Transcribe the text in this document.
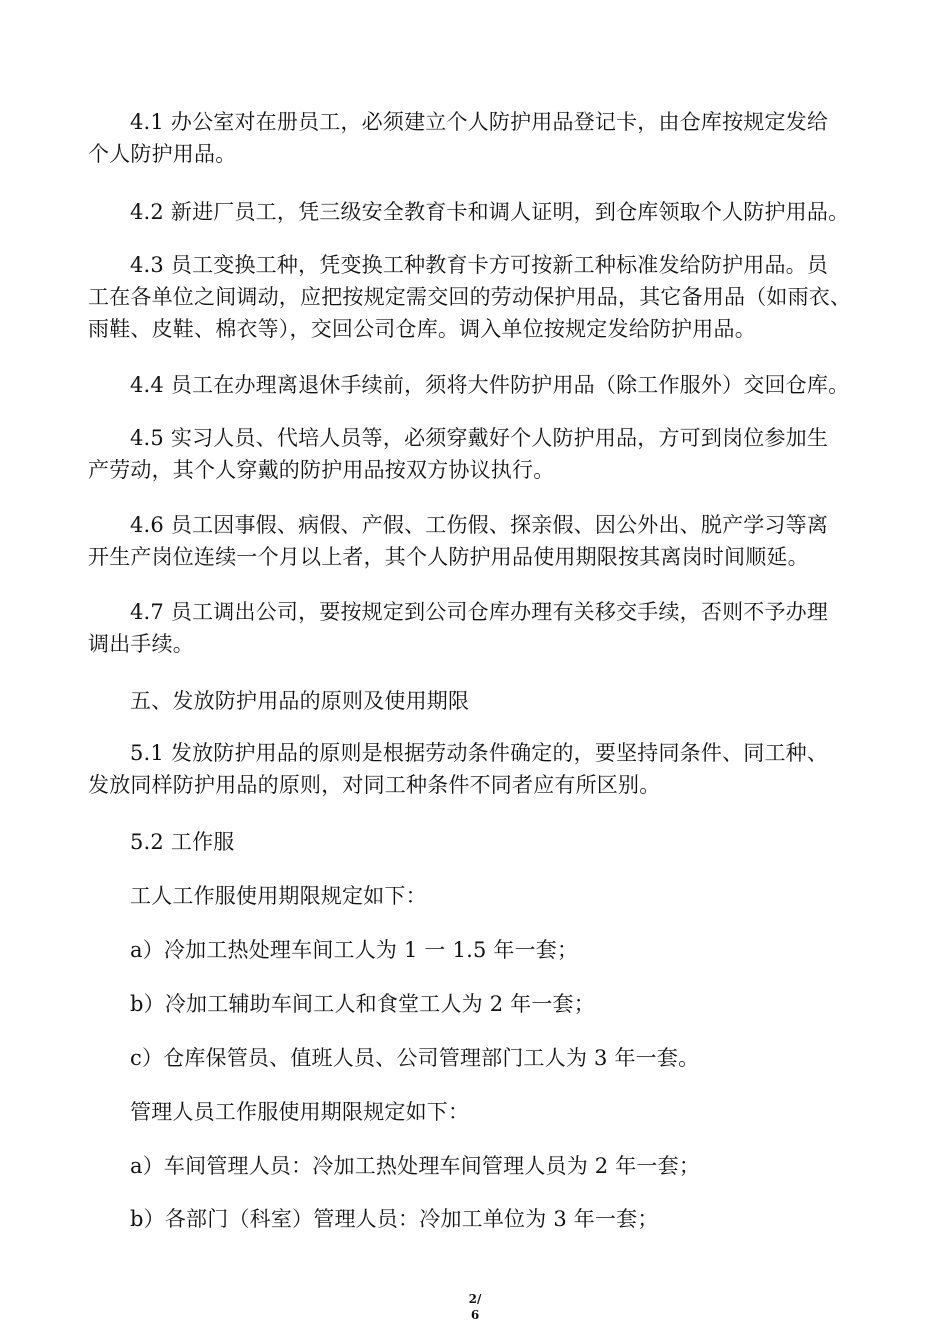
4.1 办公室对在册员工，必须建立个人防护用品登记卡，由仓库按规定发给
个人防护用品。

4.2 新进厂员工，凭三级安全教育卡和调人证明，到仓库领取个人防护用品。

4.3 员工变换工种，凭变换工种教育卡方可按新工种标准发给防护用品。员
工在各单位之间调动，应把按规定需交回的劳动保护用品，其它备用品（如雨衣、
雨鞋、皮鞋、棉衣等），交回公司仓库。调入单位按规定发给防护用品。

4.4 员工在办理离退休手续前，须将大件防护用品（除工作服外）交回仓库。

4.5 实习人员、代培人员等，必须穿戴好个人防护用品，方可到岗位参加生
产劳动，其个人穿戴的防护用品按双方协议执行。

4.6 员工因事假、病假、产假、工伤假、探亲假、因公外出、脱产学习等离
开生产岗位连续一个月以上者，其个人防护用品使用期限按其离岗时间顺延。

4.7 员工调出公司，要按规定到公司仓库办理有关移交手续，否则不予办理
调出手续。

五、发放防护用品的原则及使用期限

5.1 发放防护用品的原则是根据劳动条件确定的，要坚持同条件、同工种、
发放同样防护用品的原则，对同工种条件不同者应有所区别。

5.2 工作服

工人工作服使用期限规定如下：

a）冷加工热处理车间工人为 1 一 1.5 年一套；

b）冷加工辅助车间工人和食堂工人为 2 年一套；

c）仓库保管员、值班人员、公司管理部门工人为 3 年一套。

管理人员工作服使用期限规定如下：

a）车间管理人员：冷加工热处理车间管理人员为 2 年一套；

b）各部门（科室）管理人员：冷加工单位为 3 年一套；

2/
6
